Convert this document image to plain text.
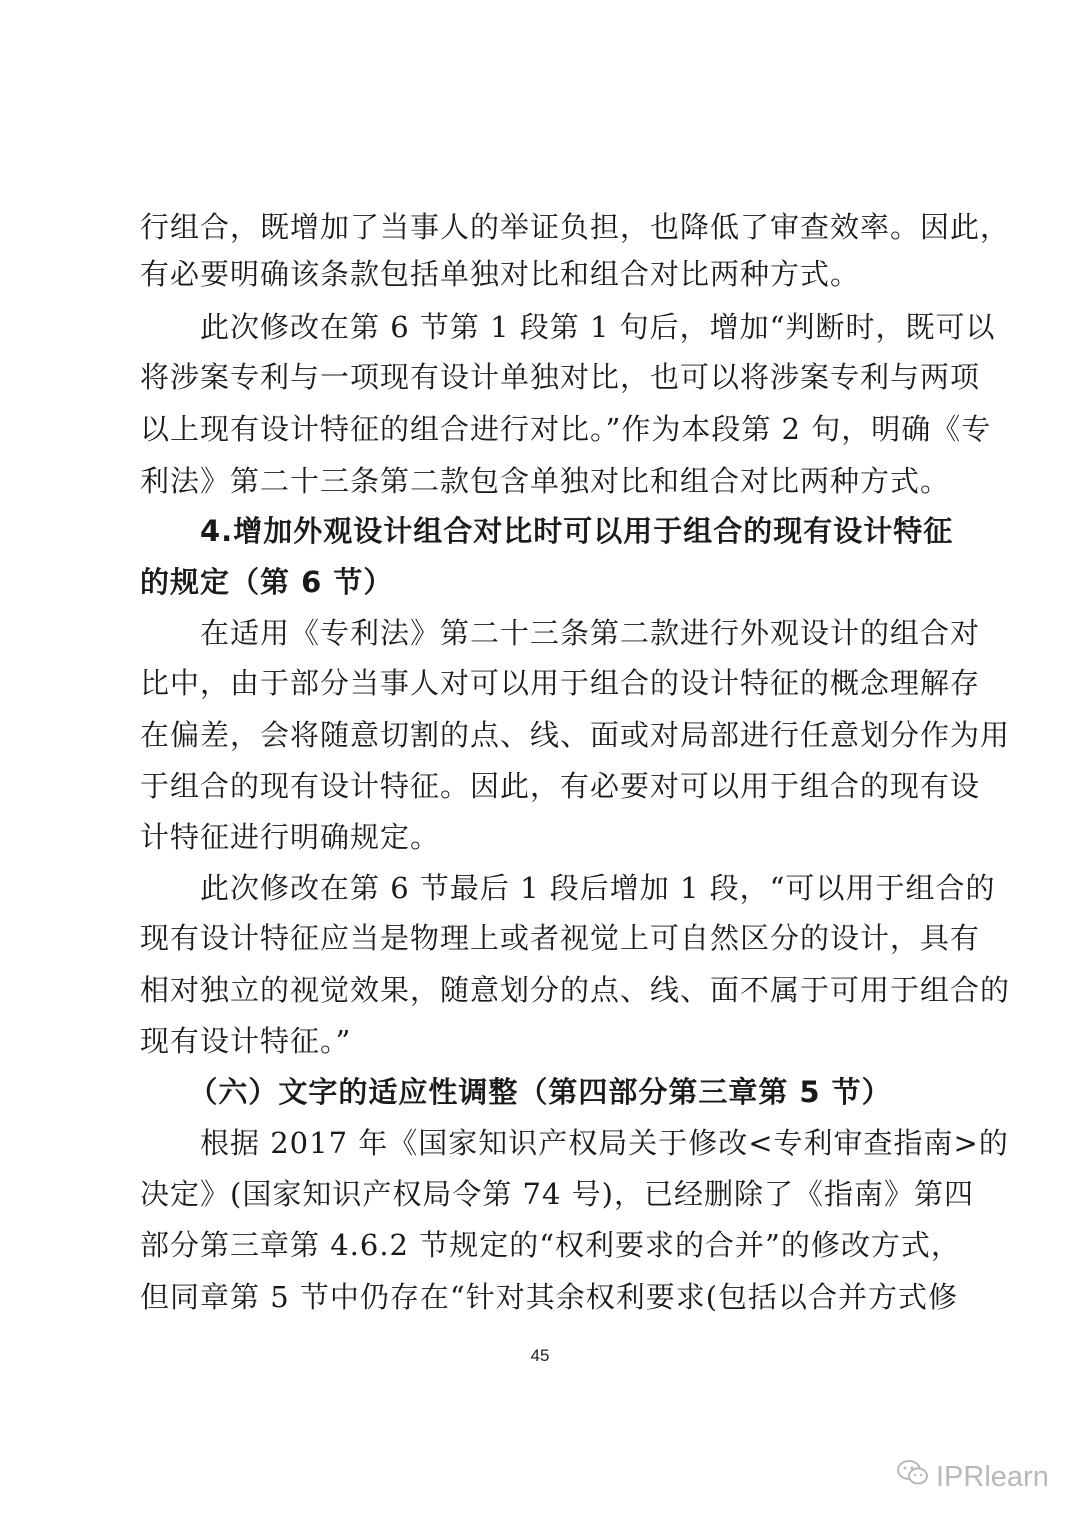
行组合，既增加了当事人的举证负担，也降低了审查效率。因此，
有必要明确该条款包括单独对比和组合对比两种方式。
此次修改在第 6 节第 1 段第 1 句后，增加“判断时，既可以
将涉案专利与一项现有设计单独对比，也可以将涉案专利与两项
以上现有设计特征的组合进行对比。”作为本段第 2 句，明确《专
利法》第二十三条第二款包含单独对比和组合对比两种方式。
4.增加外观设计组合对比时可以用于组合的现有设计特征
的规定（第 6 节）
在适用《专利法》第二十三条第二款进行外观设计的组合对
比中，由于部分当事人对可以用于组合的设计特征的概念理解存
在偏差，会将随意切割的点、线、面或对局部进行任意划分作为用
于组合的现有设计特征。因此，有必要对可以用于组合的现有设
计特征进行明确规定。
此次修改在第 6 节最后 1 段后增加 1 段，“可以用于组合的
现有设计特征应当是物理上或者视觉上可自然区分的设计，具有
相对独立的视觉效果，随意划分的点、线、面不属于可用于组合的
现有设计特征。”
（六）文字的适应性调整（第四部分第三章第 5 节）
根据 2017 年《国家知识产权局关于修改<专利审查指南>的
决定》(国家知识产权局令第 74 号)，已经删除了《指南》第四
部分第三章第 4.6.2 节规定的“权利要求的合并”的修改方式，
但同章第 5 节中仍存在“针对其余权利要求(包括以合并方式修
45
IPRlearn
